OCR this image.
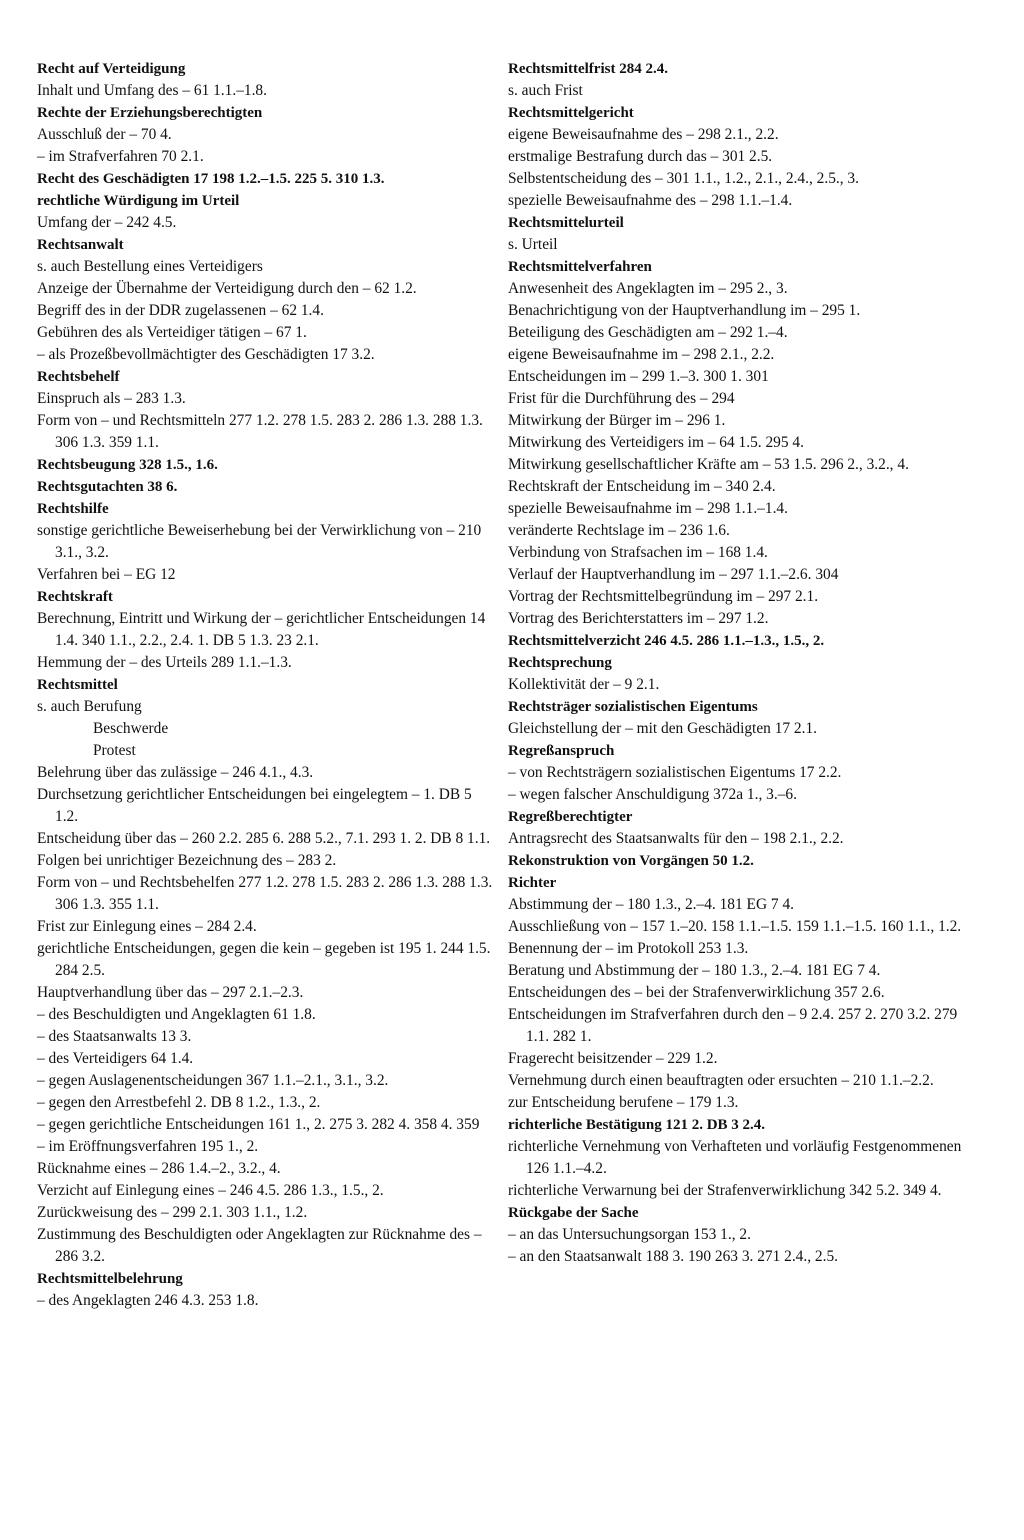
Recht auf Verteidigung
Inhalt und Umfang des – 61 1.1.–1.8.
Rechte der Erziehungsberechtigten
Ausschluß der – 70 4.
– im Strafverfahren 70 2.1.
Recht des Geschädigten 17 198 1.2.–1.5. 225 5. 310 1.3.
rechtliche Würdigung im Urteil
Umfang der – 242 4.5.
Rechtsanwalt
s. auch Bestellung eines Verteidigers
Anzeige der Übernahme der Verteidigung durch den – 62 1.2.
Begriff des in der DDR zugelassenen – 62 1.4.
Gebühren des als Verteidiger tätigen – 67 1.
– als Prozeßbevollmächtigter des Geschädigten 17 3.2.
Rechtsbehelf
Einspruch als – 283 1.3.
Form von – und Rechtsmitteln 277 1.2. 278 1.5. 283 2. 286 1.3. 288 1.3. 306 1.3. 359 1.1.
Rechtsbeugung 328 1.5., 1.6.
Rechtsgutachten 38 6.
Rechtshilfe
sonstige gerichtliche Beweiserhebung bei der Verwirklichung von – 210 3.1., 3.2.
Verfahren bei – EG 12
Rechtskraft
Berechnung, Eintritt und Wirkung der – gerichtlicher Entscheidungen 14 1.4. 340 1.1., 2.2., 2.4. 1. DB 5 1.3. 23 2.1.
Hemmung der – des Urteils 289 1.1.–1.3.
Rechtsmittel
s. auch Berufung
Beschwerde
Protest
Belehrung über das zulässige – 246 4.1., 4.3.
Durchsetzung gerichtlicher Entscheidungen bei eingelegtem – 1. DB 5 1.2.
Entscheidung über das – 260 2.2. 285 6. 288 5.2., 7.1. 293 1. 2. DB 8 1.1.
Folgen bei unrichtiger Bezeichnung des – 283 2.
Form von – und Rechtsbehelfen 277 1.2. 278 1.5. 283 2. 286 1.3. 288 1.3. 306 1.3. 355 1.1.
Frist zur Einlegung eines – 284 2.4.
gerichtliche Entscheidungen, gegen die kein – gegeben ist 195 1. 244 1.5. 284 2.5.
Hauptverhandlung über das – 297 2.1.–2.3.
– des Beschuldigten und Angeklagten 61 1.8.
– des Staatsanwalts 13 3.
– des Verteidigers 64 1.4.
– gegen Auslagenentscheidungen 367 1.1.–2.1., 3.1., 3.2.
– gegen den Arrestbefehl 2. DB 8 1.2., 1.3., 2.
– gegen gerichtliche Entscheidungen 161 1., 2. 275 3. 282 4. 358 4. 359
– im Eröffnungsverfahren 195 1., 2.
Rücknahme eines – 286 1.4.–2., 3.2., 4.
Verzicht auf Einlegung eines – 246 4.5. 286 1.3., 1.5., 2.
Zurückweisung des – 299 2.1. 303 1.1., 1.2.
Zustimmung des Beschuldigten oder Angeklagten zur Rücknahme des – 286 3.2.
Rechtsmittelbelehrung
– des Angeklagten 246 4.3. 253 1.8.
Rechtsmittelfrist 284 2.4.
s. auch Frist
Rechtsmittelgericht
eigene Beweisaufnahme des – 298 2.1., 2.2.
erstmalige Bestrafung durch das – 301 2.5.
Selbstentscheidung des – 301 1.1., 1.2., 2.1., 2.4., 2.5., 3.
spezielle Beweisaufnahme des – 298 1.1.–1.4.
Rechtsmittelurteil
s. Urteil
Rechtsmittelverfahren
Anwesenheit des Angeklagten im – 295 2., 3.
Benachrichtigung von der Hauptverhandlung im – 295 1.
Beteiligung des Geschädigten am – 292 1.–4.
eigene Beweisaufnahme im – 298 2.1., 2.2.
Entscheidungen im – 299 1.–3. 300 1. 301
Frist für die Durchführung des – 294
Mitwirkung der Bürger im – 296 1.
Mitwirkung des Verteidigers im – 64 1.5. 295 4.
Mitwirkung gesellschaftlicher Kräfte am – 53 1.5. 296 2., 3.2., 4.
Rechtskraft der Entscheidung im – 340 2.4.
spezielle Beweisaufnahme im – 298 1.1.–1.4.
veränderte Rechtslage im – 236 1.6.
Verbindung von Strafsachen im – 168 1.4.
Verlauf der Hauptverhandlung im – 297 1.1.–2.6. 304
Vortrag der Rechtsmittelbegründung im – 297 2.1.
Vortrag des Berichterstatters im – 297 1.2.
Rechtsmittelverzicht 246 4.5. 286 1.1.–1.3., 1.5., 2.
Rechtsprechung
Kollektivität der – 9 2.1.
Rechtsträger sozialistischen Eigentums
Gleichstellung der – mit den Geschädigten 17 2.1.
Regreßanspruch
– von Rechtsträgern sozialistischen Eigentums 17 2.2.
– wegen falscher Anschuldigung 372a 1., 3.–6.
Regreßberechtigter
Antragsrecht des Staatsanwalts für den – 198 2.1., 2.2.
Rekonstruktion von Vorgängen 50 1.2.
Richter
Abstimmung der – 180 1.3., 2.–4. 181 EG 7 4.
Ausschließung von – 157 1.–20. 158 1.1.–1.5. 159 1.1.–1.5. 160 1.1., 1.2.
Benennung der – im Protokoll 253 1.3.
Beratung und Abstimmung der – 180 1.3., 2.–4. 181 EG 7 4.
Entscheidungen des – bei der Strafenverwirklichung 357 2.6.
Entscheidungen im Strafverfahren durch den – 9 2.4. 257 2. 270 3.2. 279 1.1. 282 1.
Fragerecht beisitzender – 229 1.2.
Vernehmung durch einen beauftragten oder ersuchten – 210 1.1.–2.2.
zur Entscheidung berufene – 179 1.3.
richterliche Bestätigung 121 2. DB 3 2.4.
richterliche Vernehmung von Verhafteten und vorläufig Festgenommenen 126 1.1.–4.2.
richterliche Verwarnung bei der Strafenverwirklichung 342 5.2. 349 4.
Rückgabe der Sache
– an das Untersuchungsorgan 153 1., 2.
– an den Staatsanwalt 188 3. 190 263 3. 271 2.4., 2.5.
